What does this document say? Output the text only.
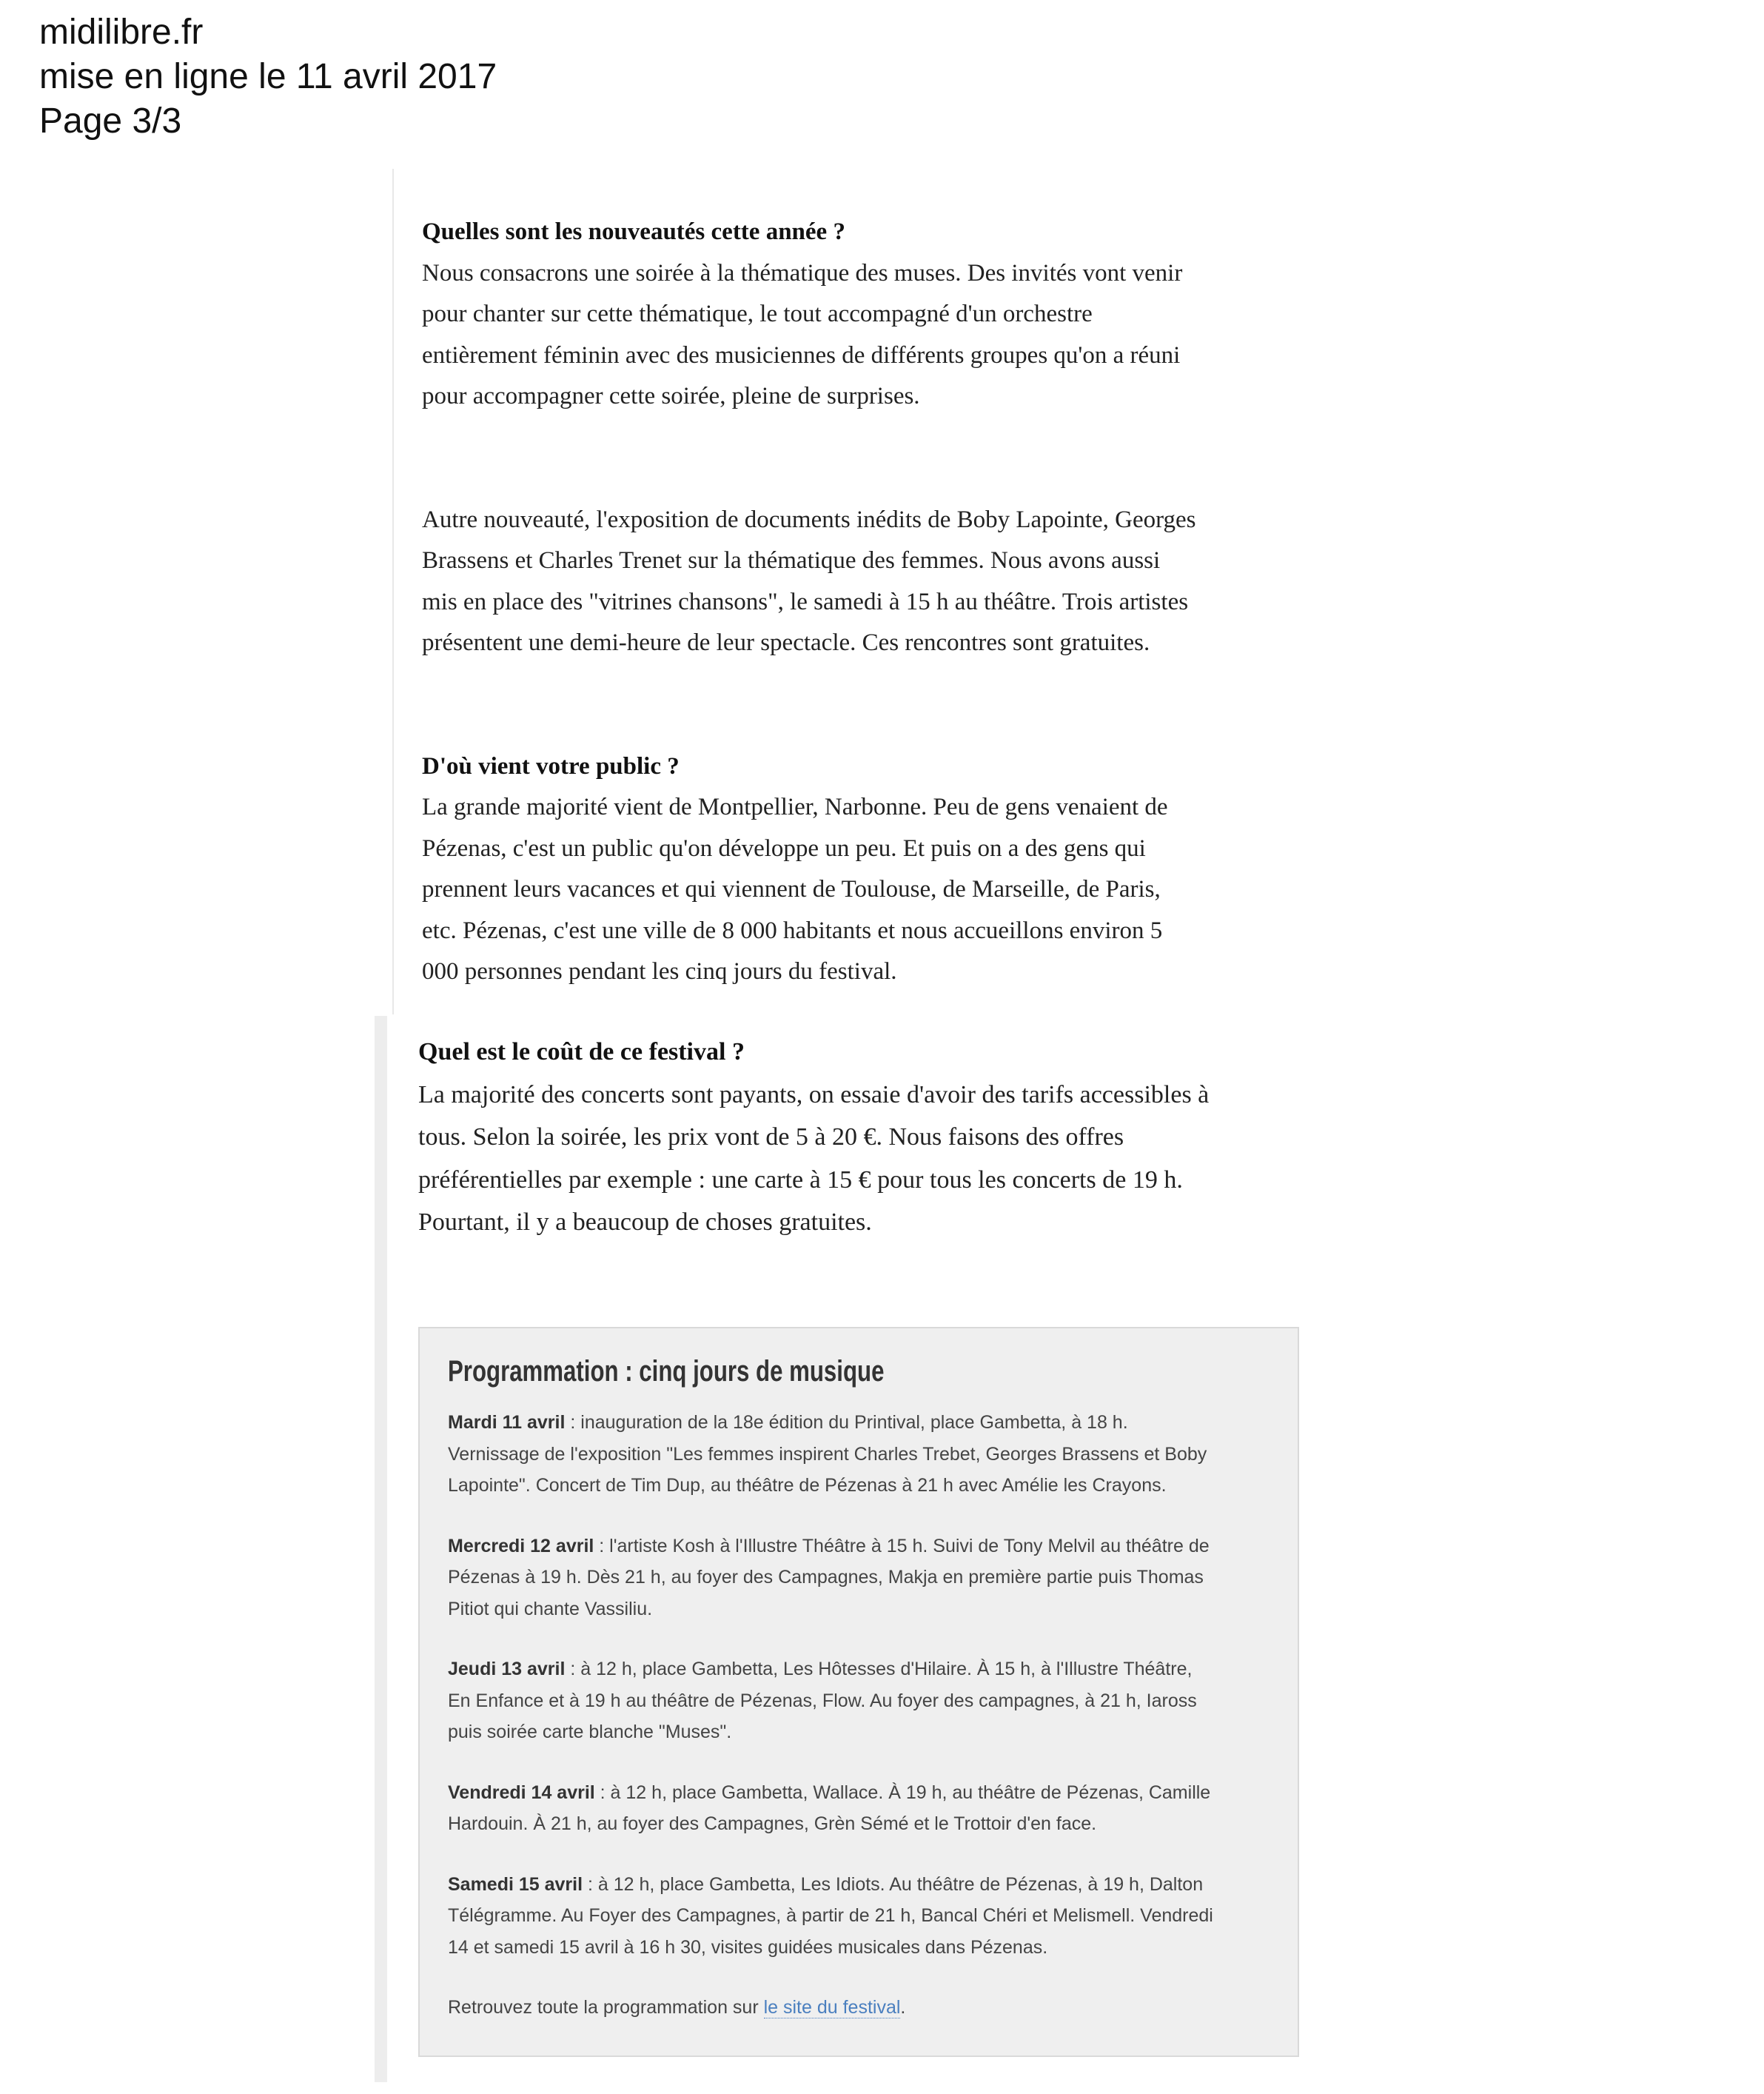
midilibre.fr
mise en ligne le 11 avril 2017
Page 3/3

Quelles sont les nouveautés cette année ?

Nous consacrons une soirée à la thématique des muses. Des invités vont venir

pour chanter sur cette thématique, le tout accompagné d'un orchestre

entièrement féminin avec des musiciennes de différents groupes qu'on a réuni

pour accompagner cette soirée, pleine de surprises.

Autre nouveauté, l'exposition de documents inédits de Boby Lapointe, Georges

Brassens et Charles Trenet sur la thématique des femmes. Nous avons aussi

mis en place des "vitrines chansons", le samedi à 15 h au théâtre. Trois artistes

présentent une demi-heure de leur spectacle. Ces rencontres sont gratuites.

D'où vient votre public ?

La grande majorité vient de Montpellier, Narbonne. Peu de gens venaient de

Pézenas, c'est un public qu'on développe un peu. Et puis on a des gens qui

prennent leurs vacances et qui viennent de Toulouse, de Marseille, de Paris,

etc. Pézenas, c'est une ville de 8 000 habitants et nous accueillons environ 5

000 personnes pendant les cinq jours du festival.

Quel est le coût de ce festival ?

La majorité des concerts sont payants, on essaie d'avoir des tarifs accessibles à

tous. Selon la soirée, les prix vont de 5 à 20 €. Nous faisons des offres

préférentielles par exemple : une carte à 15 € pour tous les concerts de 19 h.

Pourtant, il y a beaucoup de choses gratuites.

Programmation : cinq jours de musique
Mardi 11 avril : inauguration de la 18e édition du Printival, place Gambetta, à 18 h.
Vernissage de l'exposition "Les femmes inspirent Charles Trebet, Georges Brassens et Boby
Lapointe". Concert de Tim Dup, au théâtre de Pézenas à 21 h avec Amélie les Crayons.
Mercredi 12 avril : l'artiste Kosh à l'Illustre Théâtre à 15 h. Suivi de Tony Melvil au théâtre de
Pézenas à 19 h. Dès 21 h, au foyer des Campagnes, Makja en première partie puis Thomas
Pitiot qui chante Vassiliu.
Jeudi 13 avril : à 12 h, place Gambetta, Les Hôtesses d'Hilaire. À 15 h, à l'Illustre Théâtre,
En Enfance et à 19 h au théâtre de Pézenas, Flow. Au foyer des campagnes, à 21 h, Iaross
puis soirée carte blanche "Muses".
Vendredi 14 avril : à 12 h, place Gambetta, Wallace. À 19 h, au théâtre de Pézenas, Camille
Hardouin. À 21 h, au foyer des Campagnes, Grèn Sémé et le Trottoir d'en face.
Samedi 15 avril : à 12 h, place Gambetta, Les Idiots. Au théâtre de Pézenas, à 19 h, Dalton
Télégramme. Au Foyer des Campagnes, à partir de 21 h, Bancal Chéri et Melismell. Vendredi
14 et samedi 15 avril à 16 h 30, visites guidées musicales dans Pézenas.

Retrouvez toute la programmation sur le site du festival.
